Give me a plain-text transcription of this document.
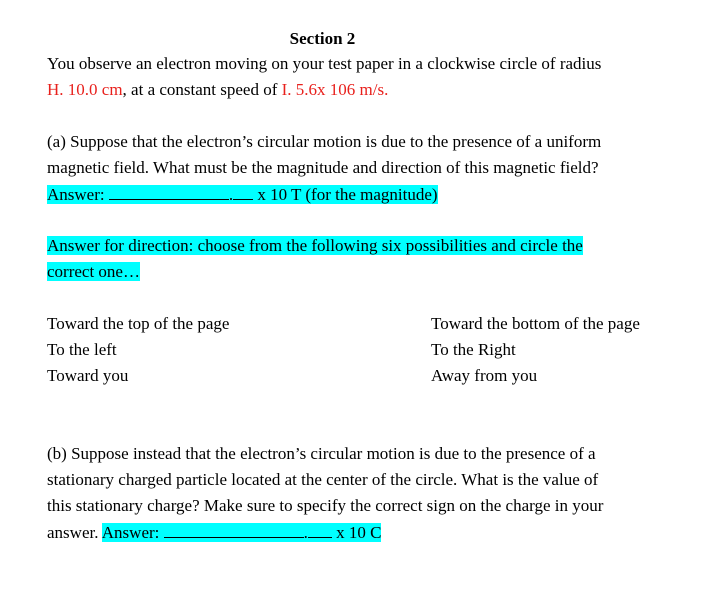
Section 2
You observe an electron moving on your test paper in a clockwise circle of radius
H. 10.0 cm, at a constant speed of I. 5.6x 106 m/s.
(a) Suppose that the electron’s circular motion is due to the presence of a uniform
magnetic field. What must be the magnitude and direction of this magnetic field?
Answer:	. x 10 T (for the magnitude)
Answer for direction: choose from the following six possibilities and circle the
correct one…
Toward the top of the page	Toward the bottom of the page
To the left	To the Right
Toward you	Away from you
(b) Suppose instead that the electron’s circular motion is due to the presence of a
stationary charged particle located at the center of the circle. What is the value of
this stationary charge? Make sure to specify the correct sign on the charge in your
answer. Answer:	. x 10 C
